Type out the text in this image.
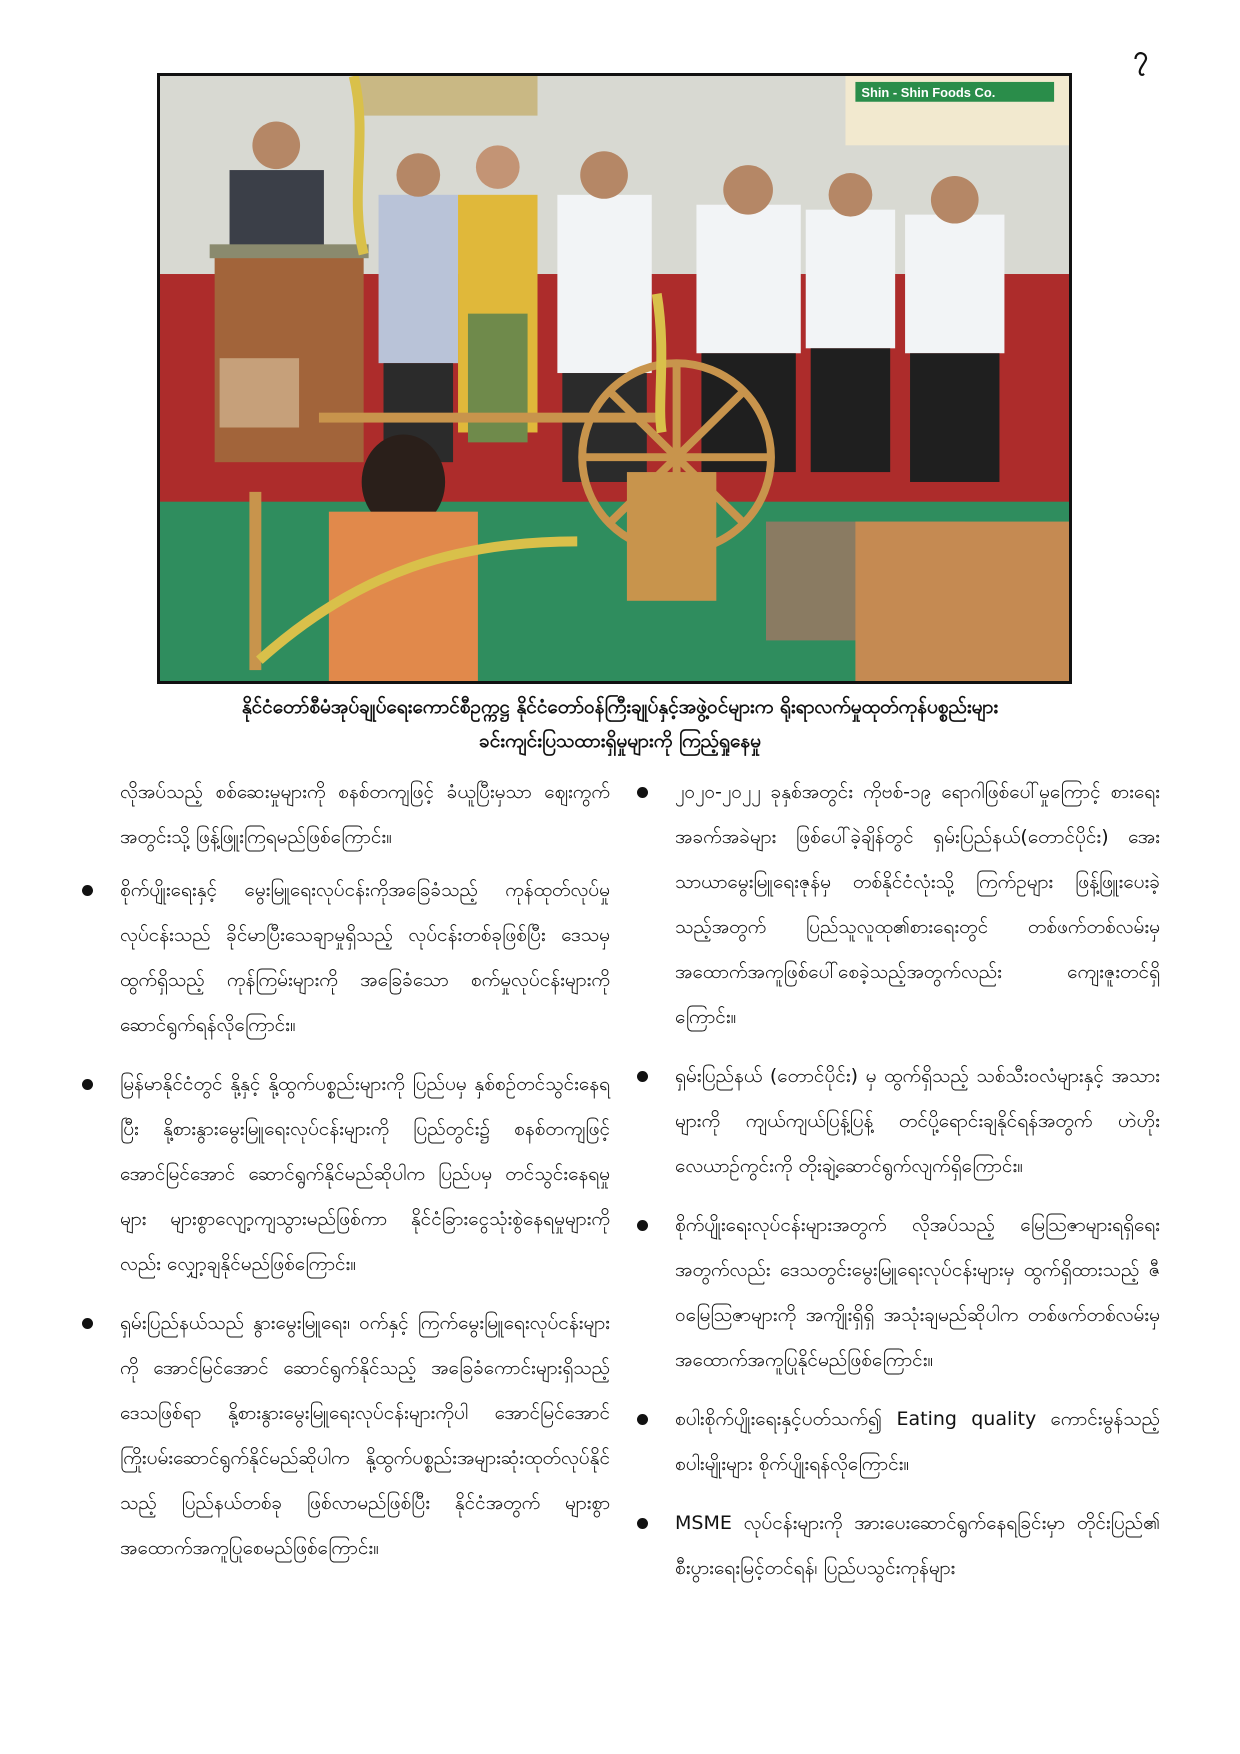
၇
Shin - Shin Foods Co.
နိုင်ငံတော်စီမံအုပ်ချုပ်ရေးကောင်စီဥက္ကဋ္ဌ နိုင်ငံတော်ဝန်ကြီးချုပ်နှင့်အဖွဲ့ဝင်များက ရိုးရာလက်မှုထုတ်ကုန်ပစ္စည်းများ
ခင်းကျင်းပြသထားရှိမှုများကို ကြည့်ရှုနေမှု

လိုအပ်သည့် စစ်ဆေးမှုများကို စနစ်တကျဖြင့် ခံယူပြီးမှသာ ဈေးကွက်အတွင်းသို့ ဖြန့်ဖြူးကြရမည်ဖြစ်ကြောင်း။

စိုက်ပျိုးရေးနှင့် မွေးမြူရေးလုပ်ငန်းကိုအခြေခံသည့် ကုန်ထုတ်လုပ်မှုလုပ်ငန်းသည် ခိုင်မာပြီးသေချာမှုရှိသည့် လုပ်ငန်းတစ်ခုဖြစ်ပြီး ဒေသမှထွက်ရှိသည့် ကုန်ကြမ်းများကို အခြေခံသော စက်မှုလုပ်ငန်းများကို ဆောင်ရွက်ရန်လိုကြောင်း။
မြန်မာနိုင်ငံတွင် နို့နှင့် နို့ထွက်ပစ္စည်းများကို ပြည်ပမှ နှစ်စဉ်တင်သွင်းနေရပြီး နို့စားနွားမွေးမြူရေးလုပ်ငန်းများကို ပြည်တွင်း၌ စနစ်တကျဖြင့် အောင်မြင်အောင် ဆောင်ရွက်နိုင်မည်ဆိုပါက ပြည်ပမှ တင်သွင်းနေရမှုများ များစွာလျော့ကျသွားမည်ဖြစ်ကာ နိုင်ငံခြားငွေသုံးစွဲနေရမှုများကိုလည်း လျှော့ချနိုင်မည်ဖြစ်ကြောင်း။
ရှမ်းပြည်နယ်သည် နွားမွေးမြူရေး၊ ဝက်နှင့် ကြက်မွေးမြူရေးလုပ်ငန်းများကို အောင်မြင်အောင် ဆောင်ရွက်နိုင်သည့် အခြေခံကောင်းများရှိသည့် ဒေသဖြစ်ရာ နို့စားနွားမွေးမြူရေးလုပ်ငန်းများကိုပါ အောင်မြင်အောင် ကြိုးပမ်းဆောင်ရွက်နိုင်မည်ဆိုပါက နို့ထွက်ပစ္စည်းအများဆုံးထုတ်လုပ်နိုင်သည့် ပြည်နယ်တစ်ခု ဖြစ်လာမည်ဖြစ်ပြီး နိုင်ငံအတွက် များစွာအထောက်အကူပြုစေမည်ဖြစ်ကြောင်း။
၂၀၂၀-၂၀၂၂ ခုနှစ်အတွင်း ကိုဗစ်-၁၉ ရောဂါဖြစ်ပေါ်မှုကြောင့် စားရေးအခက်အခဲများ ဖြစ်ပေါ်ခဲ့ချိန်တွင် ရှမ်းပြည်နယ်(တောင်ပိုင်း) အေးသာယာမွေးမြူရေးဇုန်မှ တစ်နိုင်ငံလုံးသို့ ကြက်ဥများ ဖြန့်ဖြူးပေးခဲ့သည့်အတွက် ပြည်သူလူထု၏စားရေးတွင် တစ်ဖက်တစ်လမ်းမှ အထောက်အကူဖြစ်ပေါ်စေခဲ့သည့်အတွက်လည်း ကျေးဇူးတင်ရှိကြောင်း။
ရှမ်းပြည်နယ် (တောင်ပိုင်း) မှ ထွက်ရှိသည့် သစ်သီးဝလံများနှင့် အသားများကို ကျယ်ကျယ်ပြန့်ပြန့် တင်ပို့ရောင်းချနိုင်ရန်အတွက် ဟဲဟိုးလေယာဉ်ကွင်းကို တိုးချဲ့ဆောင်ရွက်လျက်ရှိကြောင်း။
စိုက်ပျိုးရေးလုပ်ငန်းများအတွက် လိုအပ်သည့် မြေဩဇာများရရှိရေးအတွက်လည်း ဒေသတွင်းမွေးမြူရေးလုပ်ငန်းများမှ ထွက်ရှိထားသည့် ဇီဝမြေဩဇာများကို အကျိုးရှိရှိ အသုံးချမည်ဆိုပါက တစ်ဖက်တစ်လမ်းမှ အထောက်အကူပြုနိုင်မည်ဖြစ်ကြောင်း။
စပါးစိုက်ပျိုးရေးနှင့်ပတ်သက်၍ Eating quality ကောင်းမွန်သည့် စပါးမျိုးများ စိုက်ပျိုးရန်လိုကြောင်း။
MSME လုပ်ငန်းများကို အားပေးဆောင်ရွက်နေရခြင်းမှာ တိုင်းပြည်၏ စီးပွားရေးမြင့်တင်ရန်၊ ပြည်ပသွင်းကုန်များ
